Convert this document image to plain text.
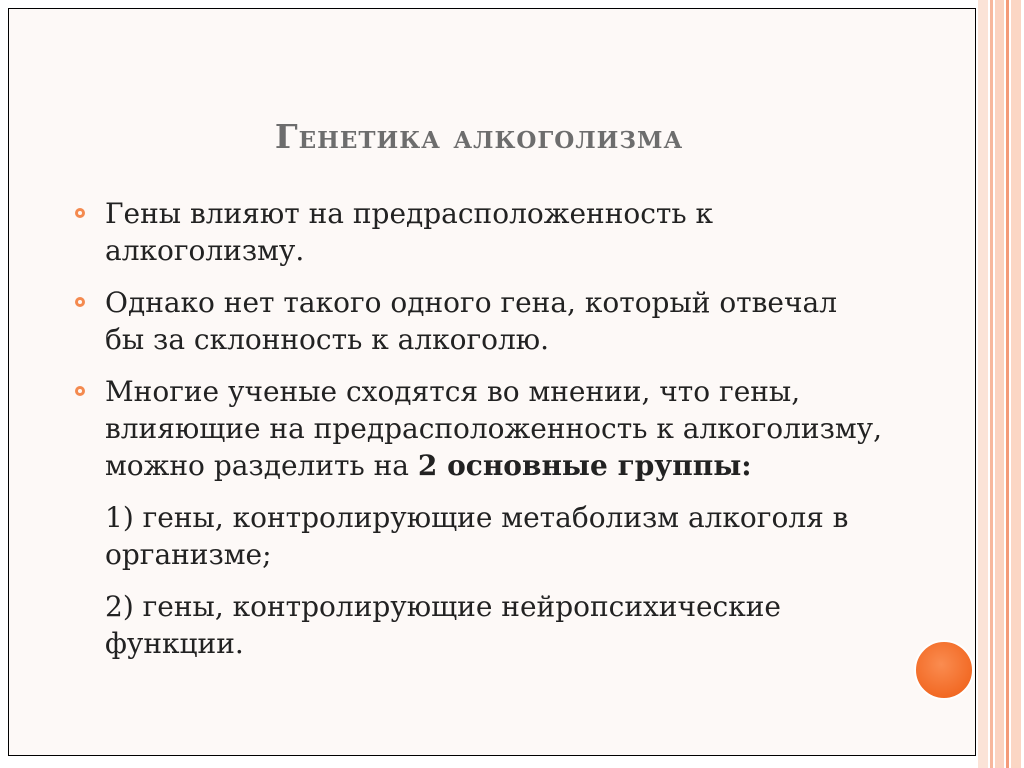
Генетика алкоголизма
Гены влияют на предрасположенность к алкоголизму.
Однако нет такого одного гена, который отвечал бы за склонность к алкоголю.
Многие ученые сходятся во мнении, что гены, влияющие на предрасположенность к алкоголизму, можно разделить на 2 основные группы:
1) гены, контролирующие метаболизм алкоголя в организме;
2) гены, контролирующие нейропсихические функции.
